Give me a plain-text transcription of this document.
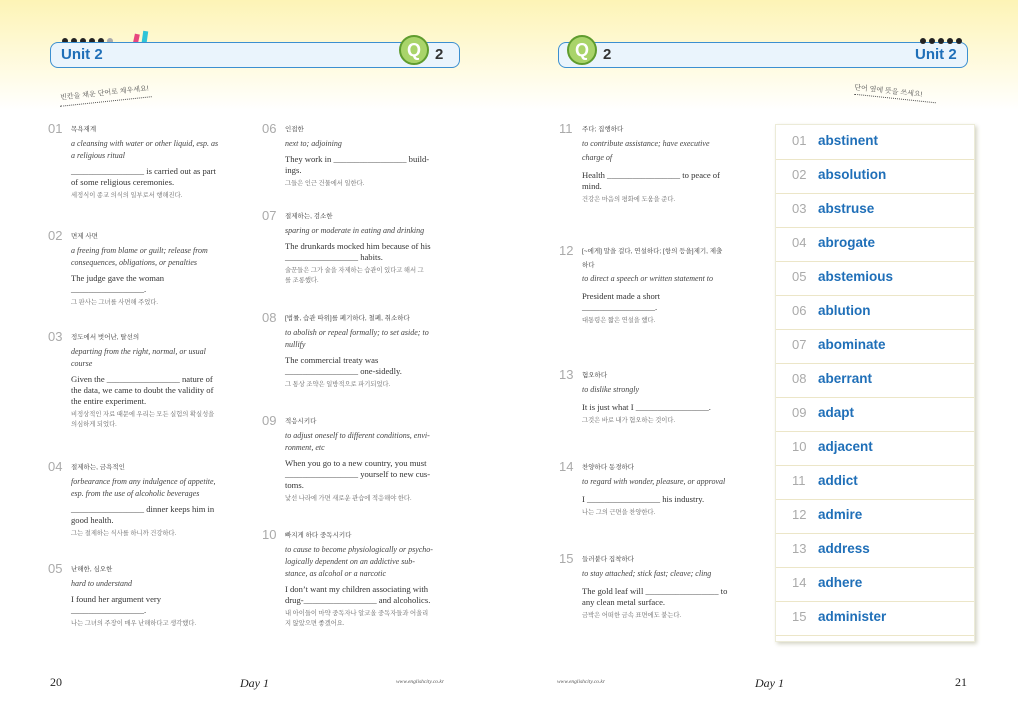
Unit 2	Q 2
빈칸을 채운 단어로 채우세요!
01 목욕재계
a cleansing with water or other liquid, esp. as
a religious ritual
_________________ is carried out as part
of some religious ceremonies.
세정식이 종교 의식의 일부로서 행해진다.
02 면제 사면
a freeing from blame or guilt; release from
consequences, obligations, or penalties
The judge gave the woman
_________________.
그 판사는 그녀를 사면해 주었다.
03 정도에서 벗어난, 탈선의
departing from the right, normal, or usual
course
Given the _________________ nature of
the data, we came to doubt the validity of
the entire experiment.
비정상적인 자료 때문에 우리는 모든 실험의 확실성을
의심하게 되었다.
04 절제하는, 금욕적인
forbearance from any indulgence of appetite,
esp. from the use of alcoholic beverages
_________________ dinner keeps him in
good health.
그는 절제하는 식사를 하니까 건강하다.
05 난해한, 심오한
hard to understand
I found her argument very
_________________.
나는 그녀의 주장이 매우 난해하다고 생각했다.
06 인접한
next to; adjoining
They work in _________________ build-
ings.
그들은 인근 건물에서 일한다.
07 절제하는, 검소한
sparing or moderate in eating and drinking
The drunkards mocked him because of his
_________________ habits.
술꾼들은 그가 술을 자제하는 습관이 있다고 해서 그
를 조롱했다.
08 [법률, 습관 따위]를 폐기하다, 철폐, 취소하다
to abolish or repeal formally; to set aside; to
nullify
The commercial treaty was
_________________ one-sidedly.
그 통상 조약은 일방적으로 파기되었다.
09 적응시키다
to adjust oneself to different conditions, envi-
ronment, etc
When you go to a new country, you must
_________________ yourself to new cus-
toms.
낯선 나라에 가면 새로운 관습에 적응해야 한다.
10 빠지게 하다 중독시키다
to cause to become physiologically or psycho-
logically dependent on an addictive sub-
stance, as alcohol or a narcotic
I don’t want my children associating with
drug-_________________ and alcoholics.
내 아이들이 마약 중독자나 알코올 중독자들과 어울리
지 않았으면 좋겠어요.
20	Day 1	www.englishcity.co.kr
Q 2	Unit 2
단어 옆에 뜻을 쓰세요!
11 주다; 집행하다
to contribute assistance; have executive
charge of
Health _________________ to peace of
mind.
건강은 마음의 평화에 도움을 준다.
12 [~에게] 말을 걸다, 연설하다; [항의 등을]제기, 제출
하다
to direct a speech or written statement to
President made a short
_________________.
대통령은 짧은 연설을 했다.
13 혐오하다
to dislike strongly
It is just what I _________________.
그것은 바로 내가 혐오하는 것이다.
14 찬양하다 동경하다
to regard with wonder, pleasure, or approval
I _________________ his industry.
나는 그의 근면을 찬양한다.
15 들러붙다 집착하다
to stay attached; stick fast; cleave; cling
The gold leaf will _________________ to
any clean metal surface.
금박은 어떠한 금속 표면에도 붙는다.
01 abstinent
02 absolution
03 abstruse
04 abrogate
05 abstemious
06 ablution
07 abominate
08 aberrant
09 adapt
10 adjacent
11 addict
12 admire
13 address
14 adhere
15 administer
www.englishcity.co.kr	Day 1	21
